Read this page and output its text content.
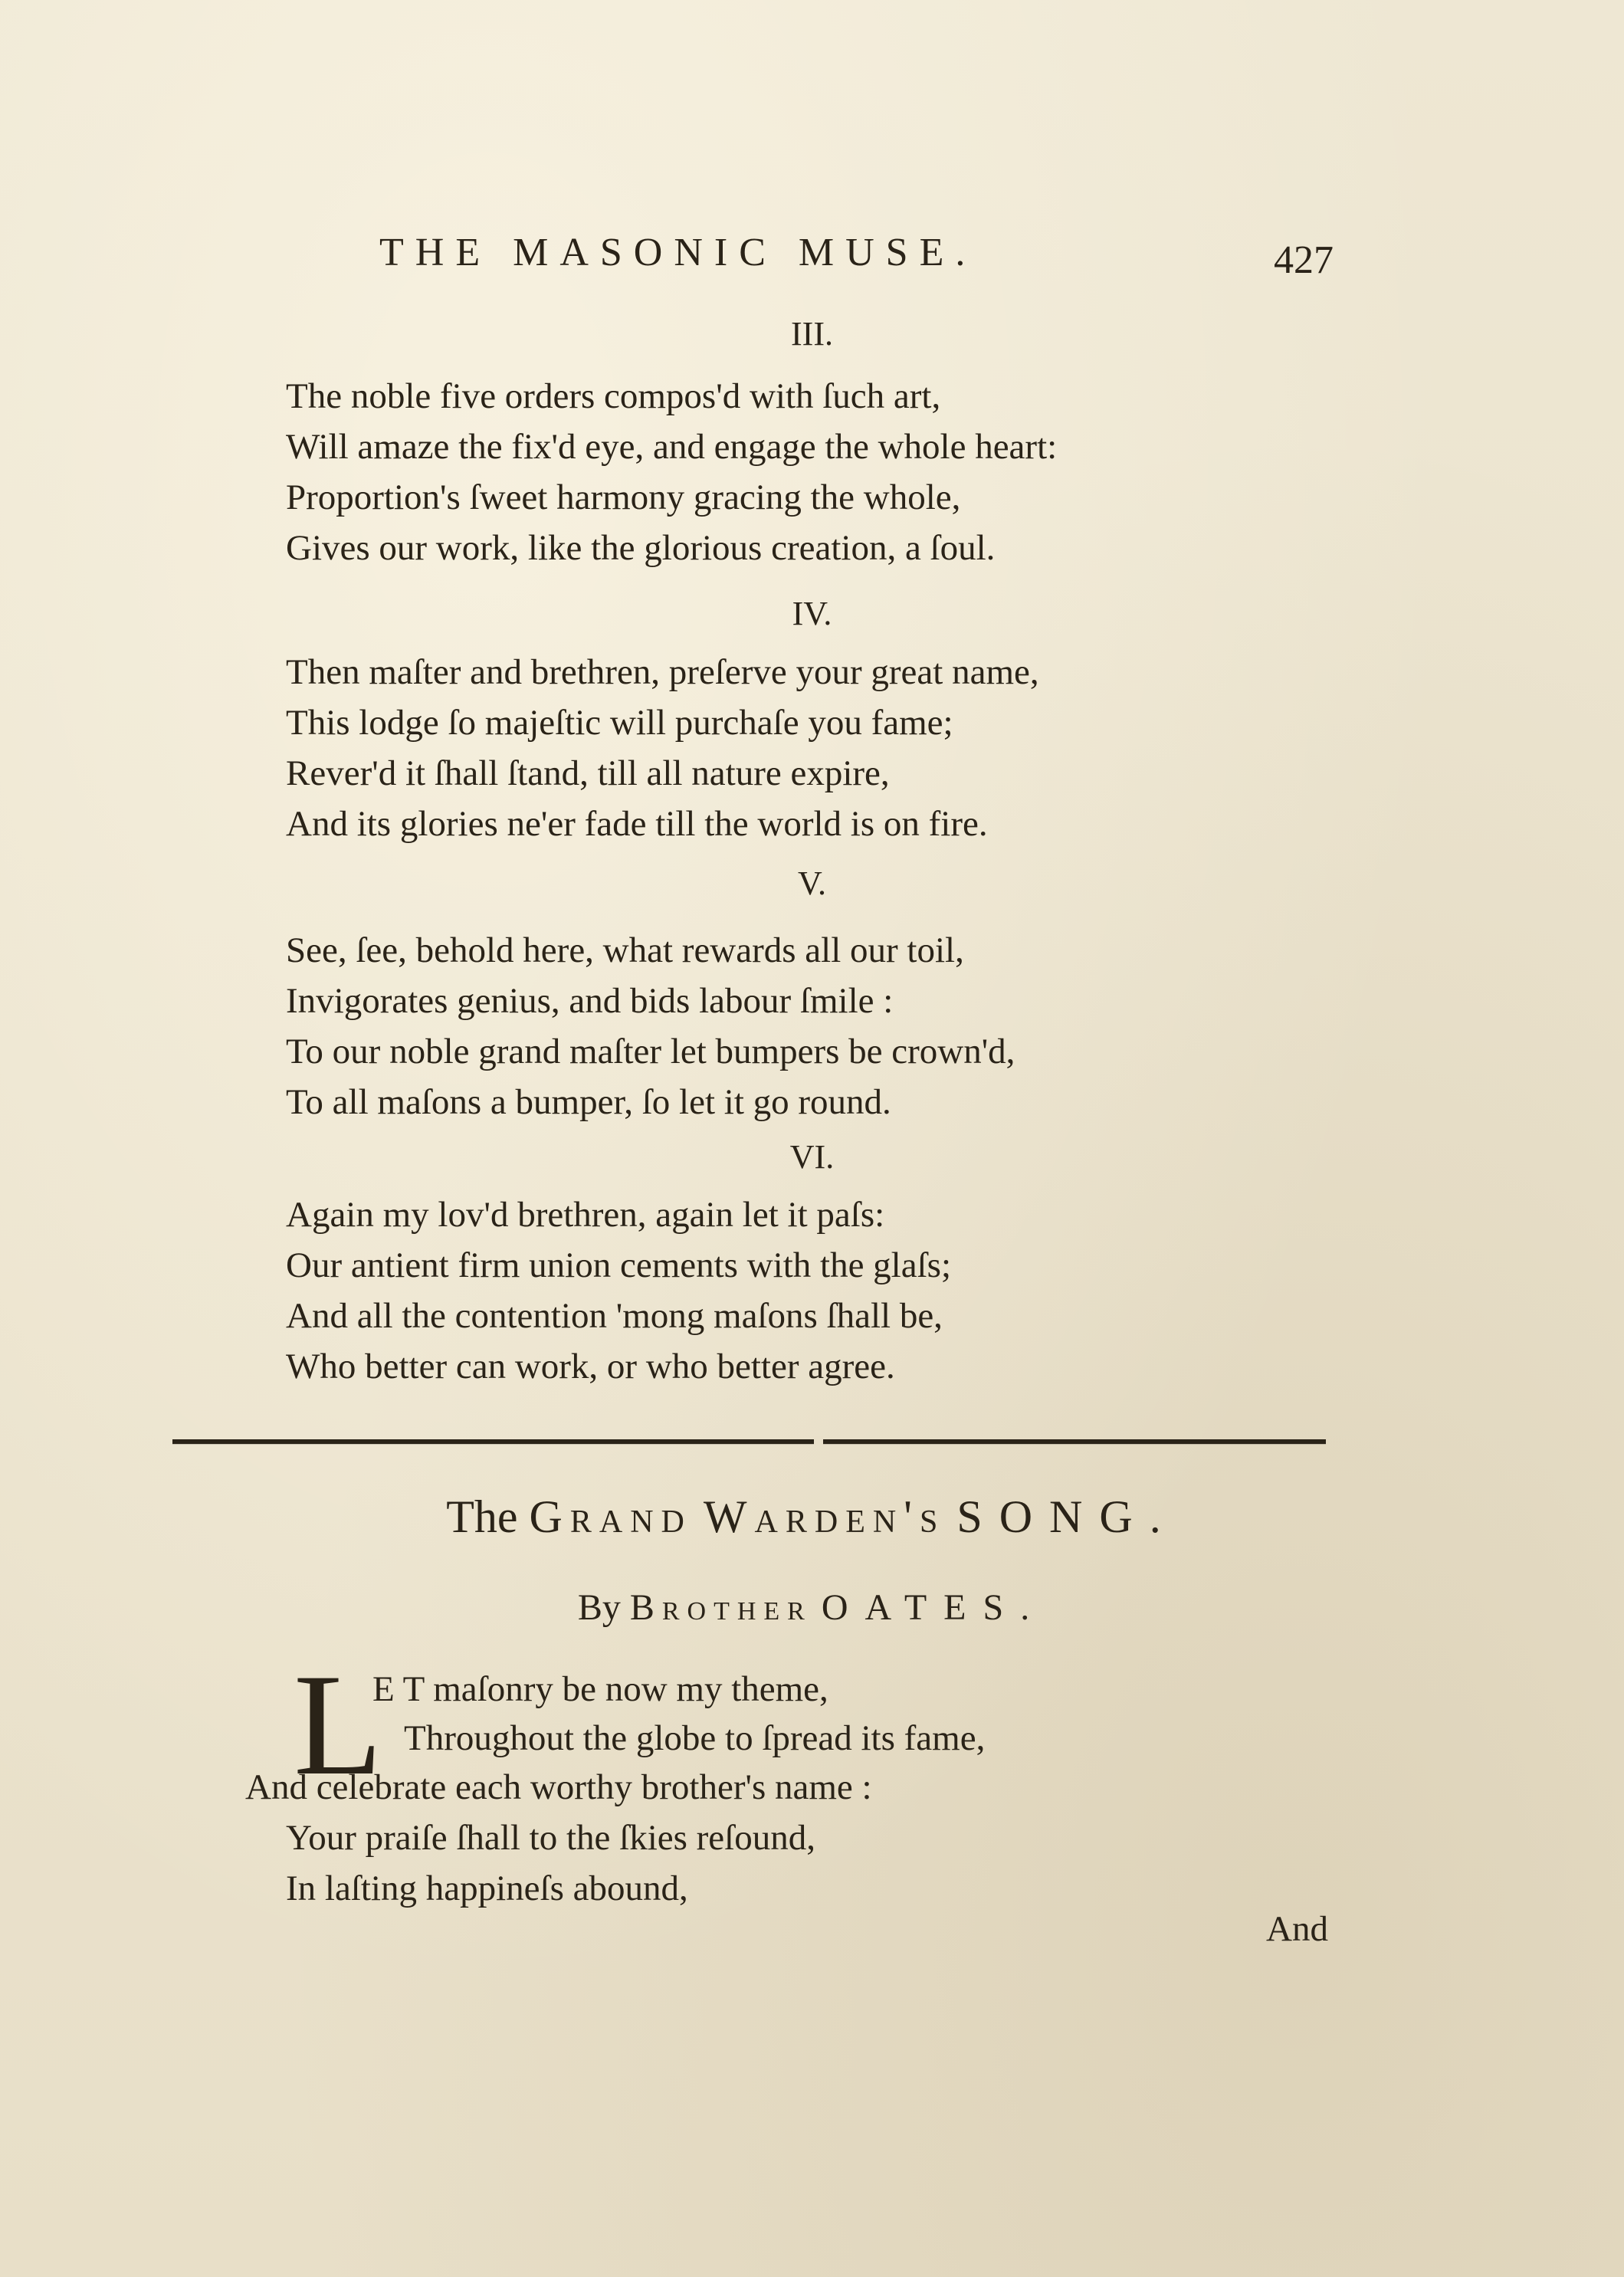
THE MASONIC MUSE.	427
III.
The noble five orders compos'd with ſuch art,
Will amaze the fix'd eye, and engage the whole heart:
Proportion's ſweet harmony gracing the whole,
Gives our work, like the glorious creation, a ſoul.
IV.
Then maſter and brethren, preſerve your great name,
This lodge ſo majeſtic will purchaſe you fame;
Rever'd it ſhall ſtand, till all nature expire,
And its glories ne'er fade till the world is on fire.
V.
See, ſee, behold here, what rewards all our toil,
Invigorates genius, and bids labour ſmile :
To our noble grand maſter let bumpers be crown'd,
To all maſons a bumper, ſo let it go round.
VI.
Again my lov'd brethren, again let it paſs:
Our antient firm union cements with the glaſs;
And all the contention 'mong maſons ſhall be,
Who better can work, or who better agree.
The Grand Warden's SONG.
By Brother OATES.
L
E T maſonry be now my theme,
Throughout the globe to ſpread its fame,
And celebrate each worthy brother's name :
Your praiſe ſhall to the ſkies reſound,
In laſting happineſs abound,
And
